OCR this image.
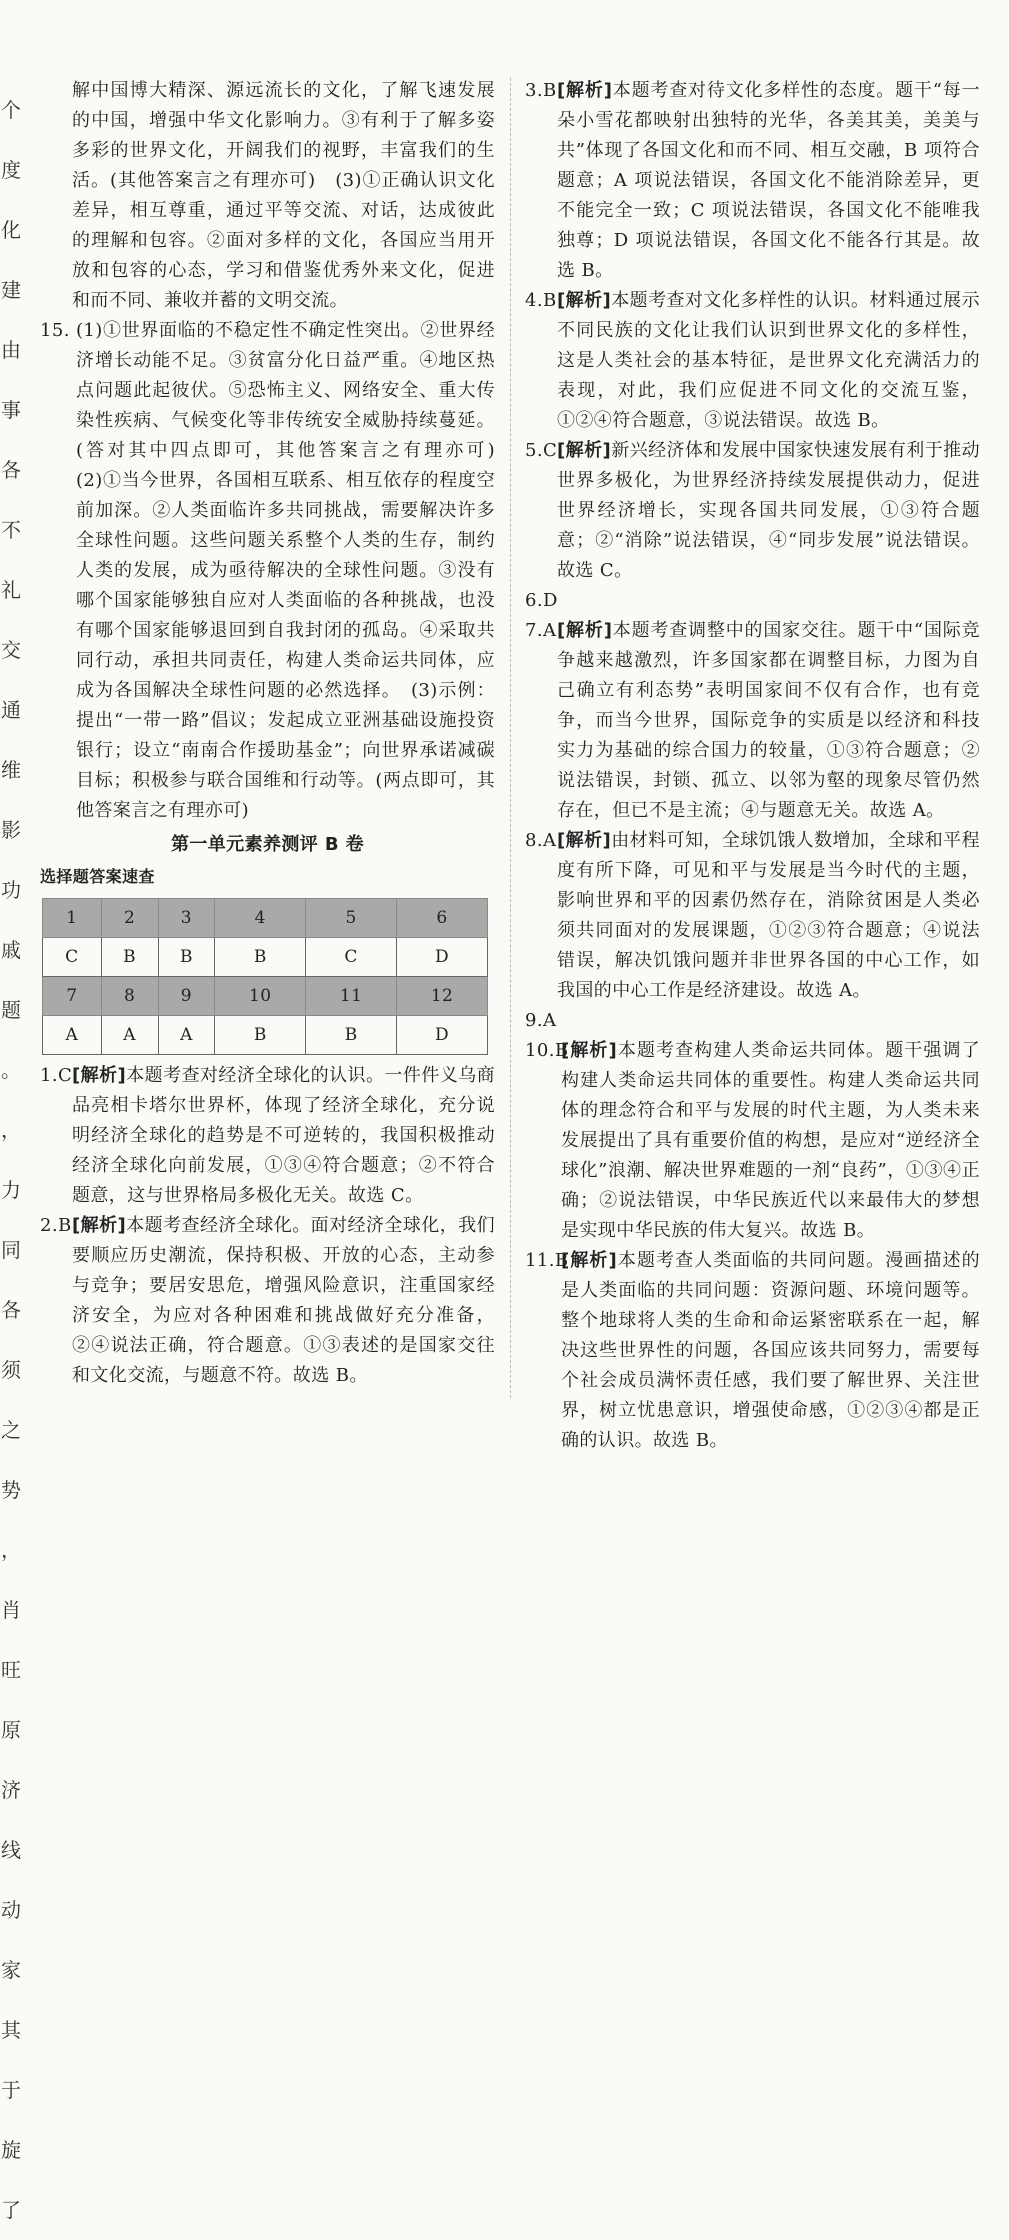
个
度
化
建
由
事
各
不
礼
交
通
维
影
功
戚
题
。
，
力
同
各
须
之
势
，
肖
旺
原
济
线
动
家
其
于
旋
了
解中国博大精深、源远流长的文化，了解飞速发展的中国，增强中华文化影响力。③有利于了解多姿多彩的世界文化，开阔我们的视野，丰富我们的生活。(其他答案言之有理亦可)　(3)①正确认识文化差异，相互尊重，通过平等交流、对话，达成彼此的理解和包容。②面对多样的文化，各国应当用开放和包容的心态，学习和借鉴优秀外来文化，促进和而不同、兼收并蓄的文明交流。
15. (1)①世界面临的不稳定性不确定性突出。②世界经济增长动能不足。③贫富分化日益严重。④地区热点问题此起彼伏。⑤恐怖主义、网络安全、重大传染性疾病、气候变化等非传统安全威胁持续蔓延。(答对其中四点即可，其他答案言之有理亦可)　(2)①当今世界，各国相互联系、相互依存的程度空前加深。②人类面临许多共同挑战，需要解决许多全球性问题。这些问题关系整个人类的生存，制约人类的发展，成为亟待解决的全球性问题。③没有哪个国家能够独自应对人类面临的各种挑战，也没有哪个国家能够退回到自我封闭的孤岛。④采取共同行动，承担共同责任，构建人类命运共同体，应成为各国解决全球性问题的必然选择。　(3)示例：提出“一带一路”倡议；发起成立亚洲基础设施投资银行；设立“南南合作援助基金”；向世界承诺减碳目标；积极参与联合国维和行动等。(两点即可，其他答案言之有理亦可)
第一单元素养测评 B 卷
选择题答案速查
1	2	3	4	5	6
C	B	B	B	C	D
7	8	9	10	11	12
A	A	A	B	B	D
1.C [解析]本题考查对经济全球化的认识。一件件义乌商品亮相卡塔尔世界杯，体现了经济全球化，充分说明经济全球化的趋势是不可逆转的，我国积极推动经济全球化向前发展，①③④符合题意；②不符合题意，这与世界格局多极化无关。故选 C。
2.B [解析]本题考查经济全球化。面对经济全球化，我们要顺应历史潮流，保持积极、开放的心态，主动参与竞争；要居安思危，增强风险意识，注重国家经济安全，为应对各种困难和挑战做好充分准备，②④说法正确，符合题意。①③表述的是国家交往和文化交流，与题意不符。故选 B。
3.B [解析]本题考查对待文化多样性的态度。题干“每一朵小雪花都映射出独特的光华，各美其美，美美与共”体现了各国文化和而不同、相互交融，B 项符合题意；A 项说法错误，各国文化不能消除差异，更不能完全一致；C 项说法错误，各国文化不能唯我独尊；D 项说法错误，各国文化不能各行其是。故选 B。
4.B [解析]本题考查对文化多样性的认识。材料通过展示不同民族的文化让我们认识到世界文化的多样性，这是人类社会的基本特征，是世界文化充满活力的表现，对此，我们应促进不同文化的交流互鉴，①②④符合题意，③说法错误。故选 B。
5.C [解析]新兴经济体和发展中国家快速发展有利于推动世界多极化，为世界经济持续发展提供动力，促进世界经济增长，实现各国共同发展，①③符合题意；②“消除”说法错误，④“同步发展”说法错误。故选 C。
6.D
7.A [解析]本题考查调整中的国家交往。题干中“国际竞争越来越激烈，许多国家都在调整目标，力图为自己确立有利态势”表明国家间不仅有合作，也有竞争，而当今世界，国际竞争的实质是以经济和科技实力为基础的综合国力的较量，①③符合题意；②说法错误，封锁、孤立、以邻为壑的现象尽管仍然存在，但已不是主流；④与题意无关。故选 A。
8.A [解析]由材料可知，全球饥饿人数增加，全球和平程度有所下降，可见和平与发展是当今时代的主题，影响世界和平的因素仍然存在，消除贫困是人类必须共同面对的发展课题，①②③符合题意；④说法错误，解决饥饿问题并非世界各国的中心工作，如我国的中心工作是经济建设。故选 A。
9.A
10.B
[解析]本题考查构建人类命运共同体。题干强调了构建人类命运共同体的重要性。构建人类命运共同体的理念符合和平与发展的时代主题，为人类未来发展提出了具有重要价值的构想，是应对“逆经济全球化”浪潮、解决世界难题的一剂“良药”，①③④正确；②说法错误，中华民族近代以来最伟大的梦想是实现中华民族的伟大复兴。故选 B。
11.B
[解析]本题考查人类面临的共同问题。漫画描述的是人类面临的共同问题：资源问题、环境问题等。整个地球将人类的生命和命运紧密联系在一起，解决这些世界性的问题，各国应该共同努力，需要每个社会成员满怀责任感，我们要了解世界、关注世界，树立忧患意识，增强使命感，①②③④都是正确的认识。故选 B。
